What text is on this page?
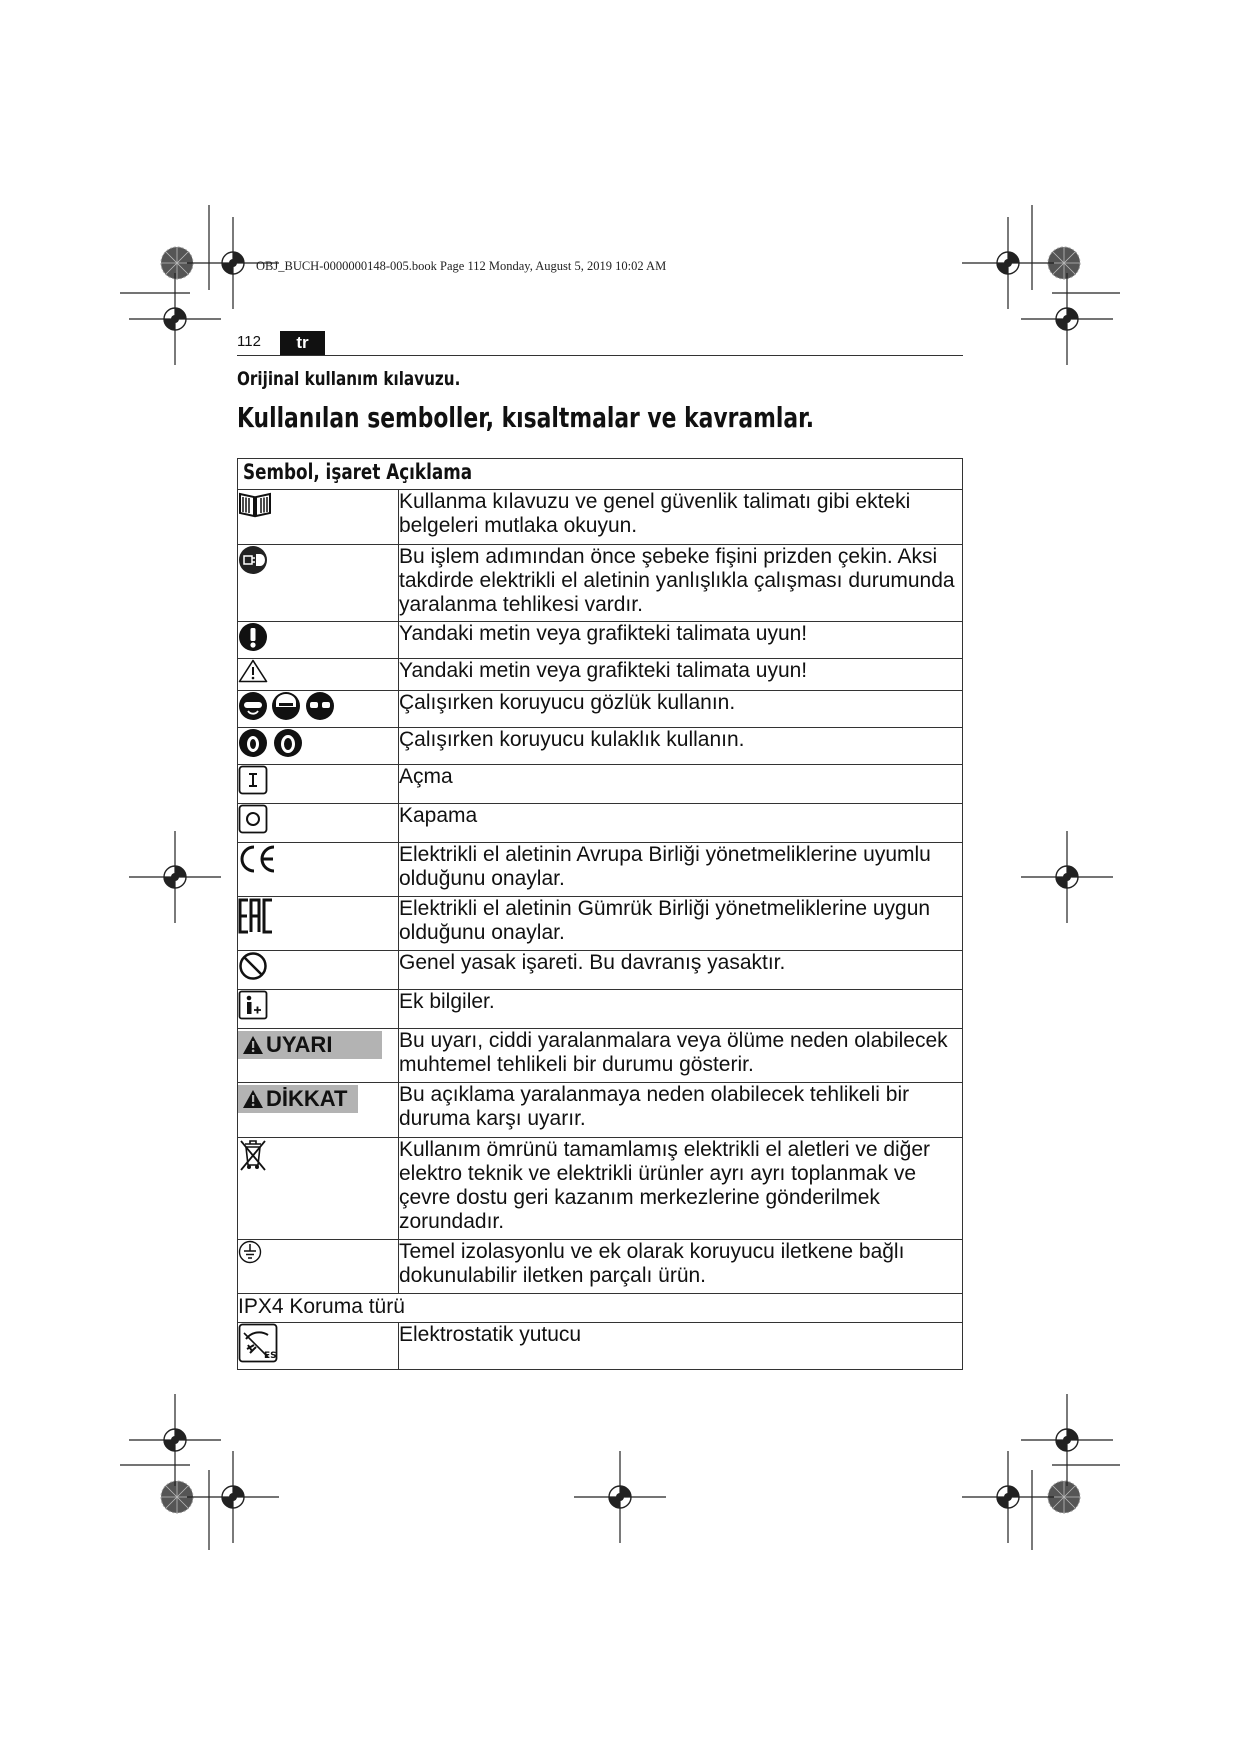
OBJ_BUCH-0000000148-005.book Page 112 Monday, August 5, 2019 10:02 AM
112	tr
Orijinal kullanım kılavuzu.
Kullanılan semboller, kısaltmalar ve kavramlar.
Sembol, işaret Açıklama	

	Kullanma kılavuzu ve genel güvenlik talimatı gibi ekteki belgeleri mutlaka okuyun.

	Bu işlem adımından önce şebeke fişini prizden çekin. Aksi takdirde elektrikli el aletinin yanlışlıkla çalışması durumunda yaralanma tehlikesi vardır.

	Yandaki metin veya grafikteki talimata uyun!

	Yandaki metin veya grafikteki talimata uyun!

	Çalışırken koruyucu gözlük kullanın.

	Çalışırken koruyucu kulaklık kullanın.

	Açma

	Kapama

	Elektrikli el aletinin Avrupa Birliği yönetmeliklerine uyumlu olduğunu onaylar.

	Elektrikli el aletinin Gümrük Birliği yönetmeliklerine uygun olduğunu onaylar.

	Genel yasak işareti. Bu davranış yasaktır.

	Ek bilgiler.
UYARI	Bu uyarı, ciddi yaralanmalara veya ölüme neden olabilecek muhtemel tehlikeli bir durumu gösterir.
DİKKAT	Bu açıklama yaralanmaya neden olabilecek tehlikeli bir duruma karşı uyarır.

	Kullanım ömrünü tamamlamış elektrikli el aletleri ve diğer elektro teknik ve elektrikli ürünler ayrı ayrı toplanmak ve çevre dostu geri kazanım merkezlerine gönderilmek zorundadır.

	Temel izolasyonlu ve ek olarak koruyucu iletkene bağlı dokunulabilir iletken parçalı ürün.
IPX4 Koruma türü	

ES	Elektrostatik yutucu
